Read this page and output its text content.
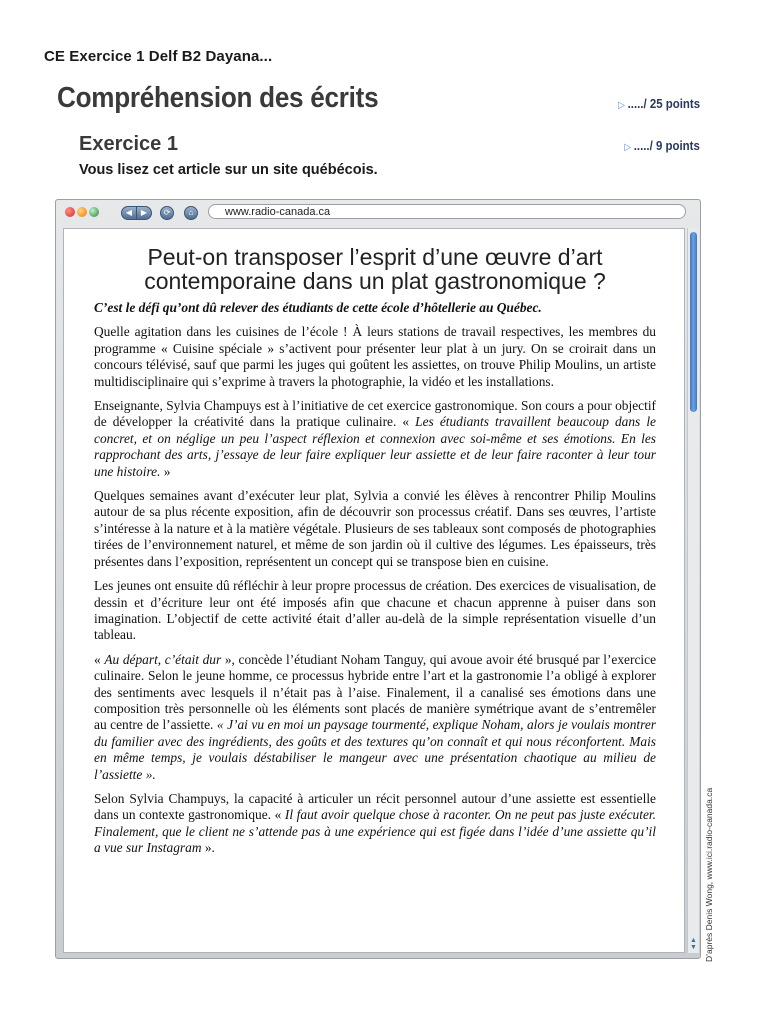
CE Exercice 1 Delf B2 Dayana...
Compréhension des écrits	▷ ...../ 25 points
Exercice 1	▷ ...../ 9 points
Vous lisez cet article sur un site québécois.
◀	▶	⟳	⌂	www.radio-canada.ca
▲
▼
Peut-on transposer l’esprit d’une œuvre d’art
contemporaine dans un plat gastronomique ?

C’est le défi qu’ont dû relever des étudiants de cette école d’hôtellerie au Québec.

Quelle agitation dans les cuisines de l’école ! À leurs stations de travail respectives, les membres du programme « Cuisine spéciale » s’activent pour présenter leur plat à un jury. On se croirait dans un concours télévisé, sauf que parmi les juges qui goûtent les assiettes, on trouve Philip Moulins, un artiste multidisciplinaire qui s’exprime à travers la photographie, la vidéo et les installations.

Enseignante, Sylvia Champuys est à l’initiative de cet exercice gastronomique. Son cours a pour objectif de développer la créativité dans la pratique culinaire. « Les étudiants travaillent beaucoup dans le concret, et on néglige un peu l’aspect réflexion et connexion avec soi-même et ses émotions. En les rapprochant des arts, j’essaye de leur faire expliquer leur assiette et de leur faire raconter à leur tour une histoire. »

Quelques semaines avant d’exécuter leur plat, Sylvia a convié les élèves à rencontrer Philip Moulins autour de sa plus récente exposition, afin de découvrir son processus créatif. Dans ses œuvres, l’artiste s’intéresse à la nature et à la matière végétale. Plusieurs de ses tableaux sont composés de photographies tirées de l’environnement naturel, et même de son jardin où il cultive des légumes. Les épaisseurs, très présentes dans l’exposition, représentent un concept qui se transpose bien en cuisine.

Les jeunes ont ensuite dû réfléchir à leur propre processus de création. Des exercices de visualisation, de dessin et d’écriture leur ont été imposés afin que chacune et chacun apprenne à puiser dans son imagination. L’objectif de cette activité était d’aller au-delà de la simple représentation visuelle d’un tableau.

« Au départ, c’était dur », concède l’étudiant Noham Tanguy, qui avoue avoir été brusqué par l’exercice culinaire. Selon le jeune homme, ce processus hybride entre l’art et la gastronomie l’a obligé à explorer des sentiments avec lesquels il n’était pas à l’aise. Finalement, il a canalisé ses émotions dans une composition très personnelle où les éléments sont placés de manière symétrique avant de s’entremêler au centre de l’assiette. « J’ai vu en moi un paysage tourmenté, explique Noham, alors je voulais montrer du familier avec des ingrédients, des goûts et des textures qu’on connaît et qui nous réconfortent. Mais en même temps, je voulais déstabiliser le mangeur avec une présentation chaotique au milieu de l’assiette ».

Selon Sylvia Champuys, la capacité à articuler un récit personnel autour d’une assiette est essentielle dans un contexte gastronomique. « Il faut avoir quelque chose à raconter. On ne peut pas juste exécuter. Finalement, que le client ne s’attende pas à une expérience qui est figée dans l’idée d’une assiette qu’il a vue sur Instagram ».	D’après Denis Wong, www.ici.radio-canada.ca
